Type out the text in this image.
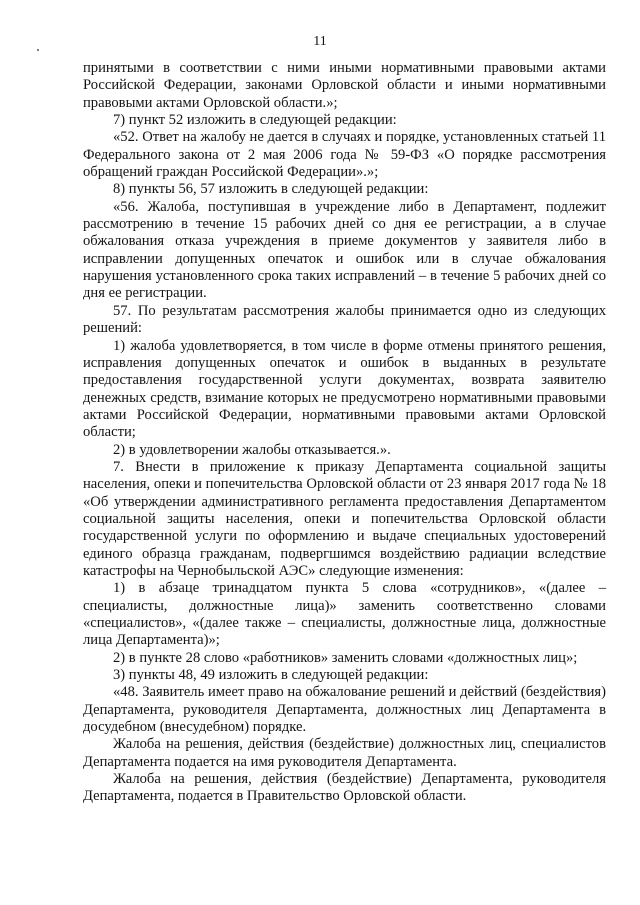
11

принятыми в соответствии с ними иными нормативными правовыми актами Российской Федерации, законами Орловской области и иными нормативными правовыми актами Орловской области.»;

7) пункт 52 изложить в следующей редакции:

«52. Ответ на жалобу не дается в случаях и порядке, установленных статьей 11 Федерального закона от 2 мая 2006 года № 59-ФЗ «О порядке рассмотрения обращений граждан Российской Федерации».»;

8) пункты 56, 57 изложить в следующей редакции:

«56. Жалоба, поступившая в учреждение либо в Департамент, подлежит рассмотрению в течение 15 рабочих дней со дня ее регистрации, а в случае обжалования отказа учреждения в приеме документов у заявителя либо в исправлении допущенных опечаток и ошибок или в случае обжалования нарушения установленного срока таких исправлений – в течение 5 рабочих дней со дня ее регистрации.

57. По результатам рассмотрения жалобы принимается одно из следующих решений:

1) жалоба удовлетворяется, в том числе в форме отмены принятого решения, исправления допущенных опечаток и ошибок в выданных в результате предоставления государственной услуги документах, возврата заявителю денежных средств, взимание которых не предусмотрено нормативными правовыми актами Российской Федерации, нормативными правовыми актами Орловской области;

2) в удовлетворении жалобы отказывается.».

7. Внести в приложение к приказу Департамента социальной защиты населения, опеки и попечительства Орловской области от 23 января 2017 года № 18 «Об утверждении административного регламента предоставления Департаментом социальной защиты населения, опеки и попечительства Орловской области государственной услуги по оформлению и выдаче специальных удостоверений единого образца гражданам, подвергшимся воздействию радиации вследствие катастрофы на Чернобыльской АЭС» следующие изменения:

1) в абзаце тринадцатом пункта 5 слова «сотрудников», «(далее – специалисты, должностные лица)» заменить соответственно словами «специалистов», «(далее также – специалисты, должностные лица, должностные лица Департамента)»;

2) в пункте 28 слово «работников» заменить словами «должностных лиц»;

3) пункты 48, 49 изложить в следующей редакции:

«48. Заявитель имеет право на обжалование решений и действий (бездействия) Департамента, руководителя Департамента, должностных лиц Департамента в досудебном (внесудебном) порядке.

Жалоба на решения, действия (бездействие) должностных лиц, специалистов Департамента подается на имя руководителя Департамента.

Жалоба на решения, действия (бездействие) Департамента, руководителя Департамента, подается в Правительство Орловской области.
